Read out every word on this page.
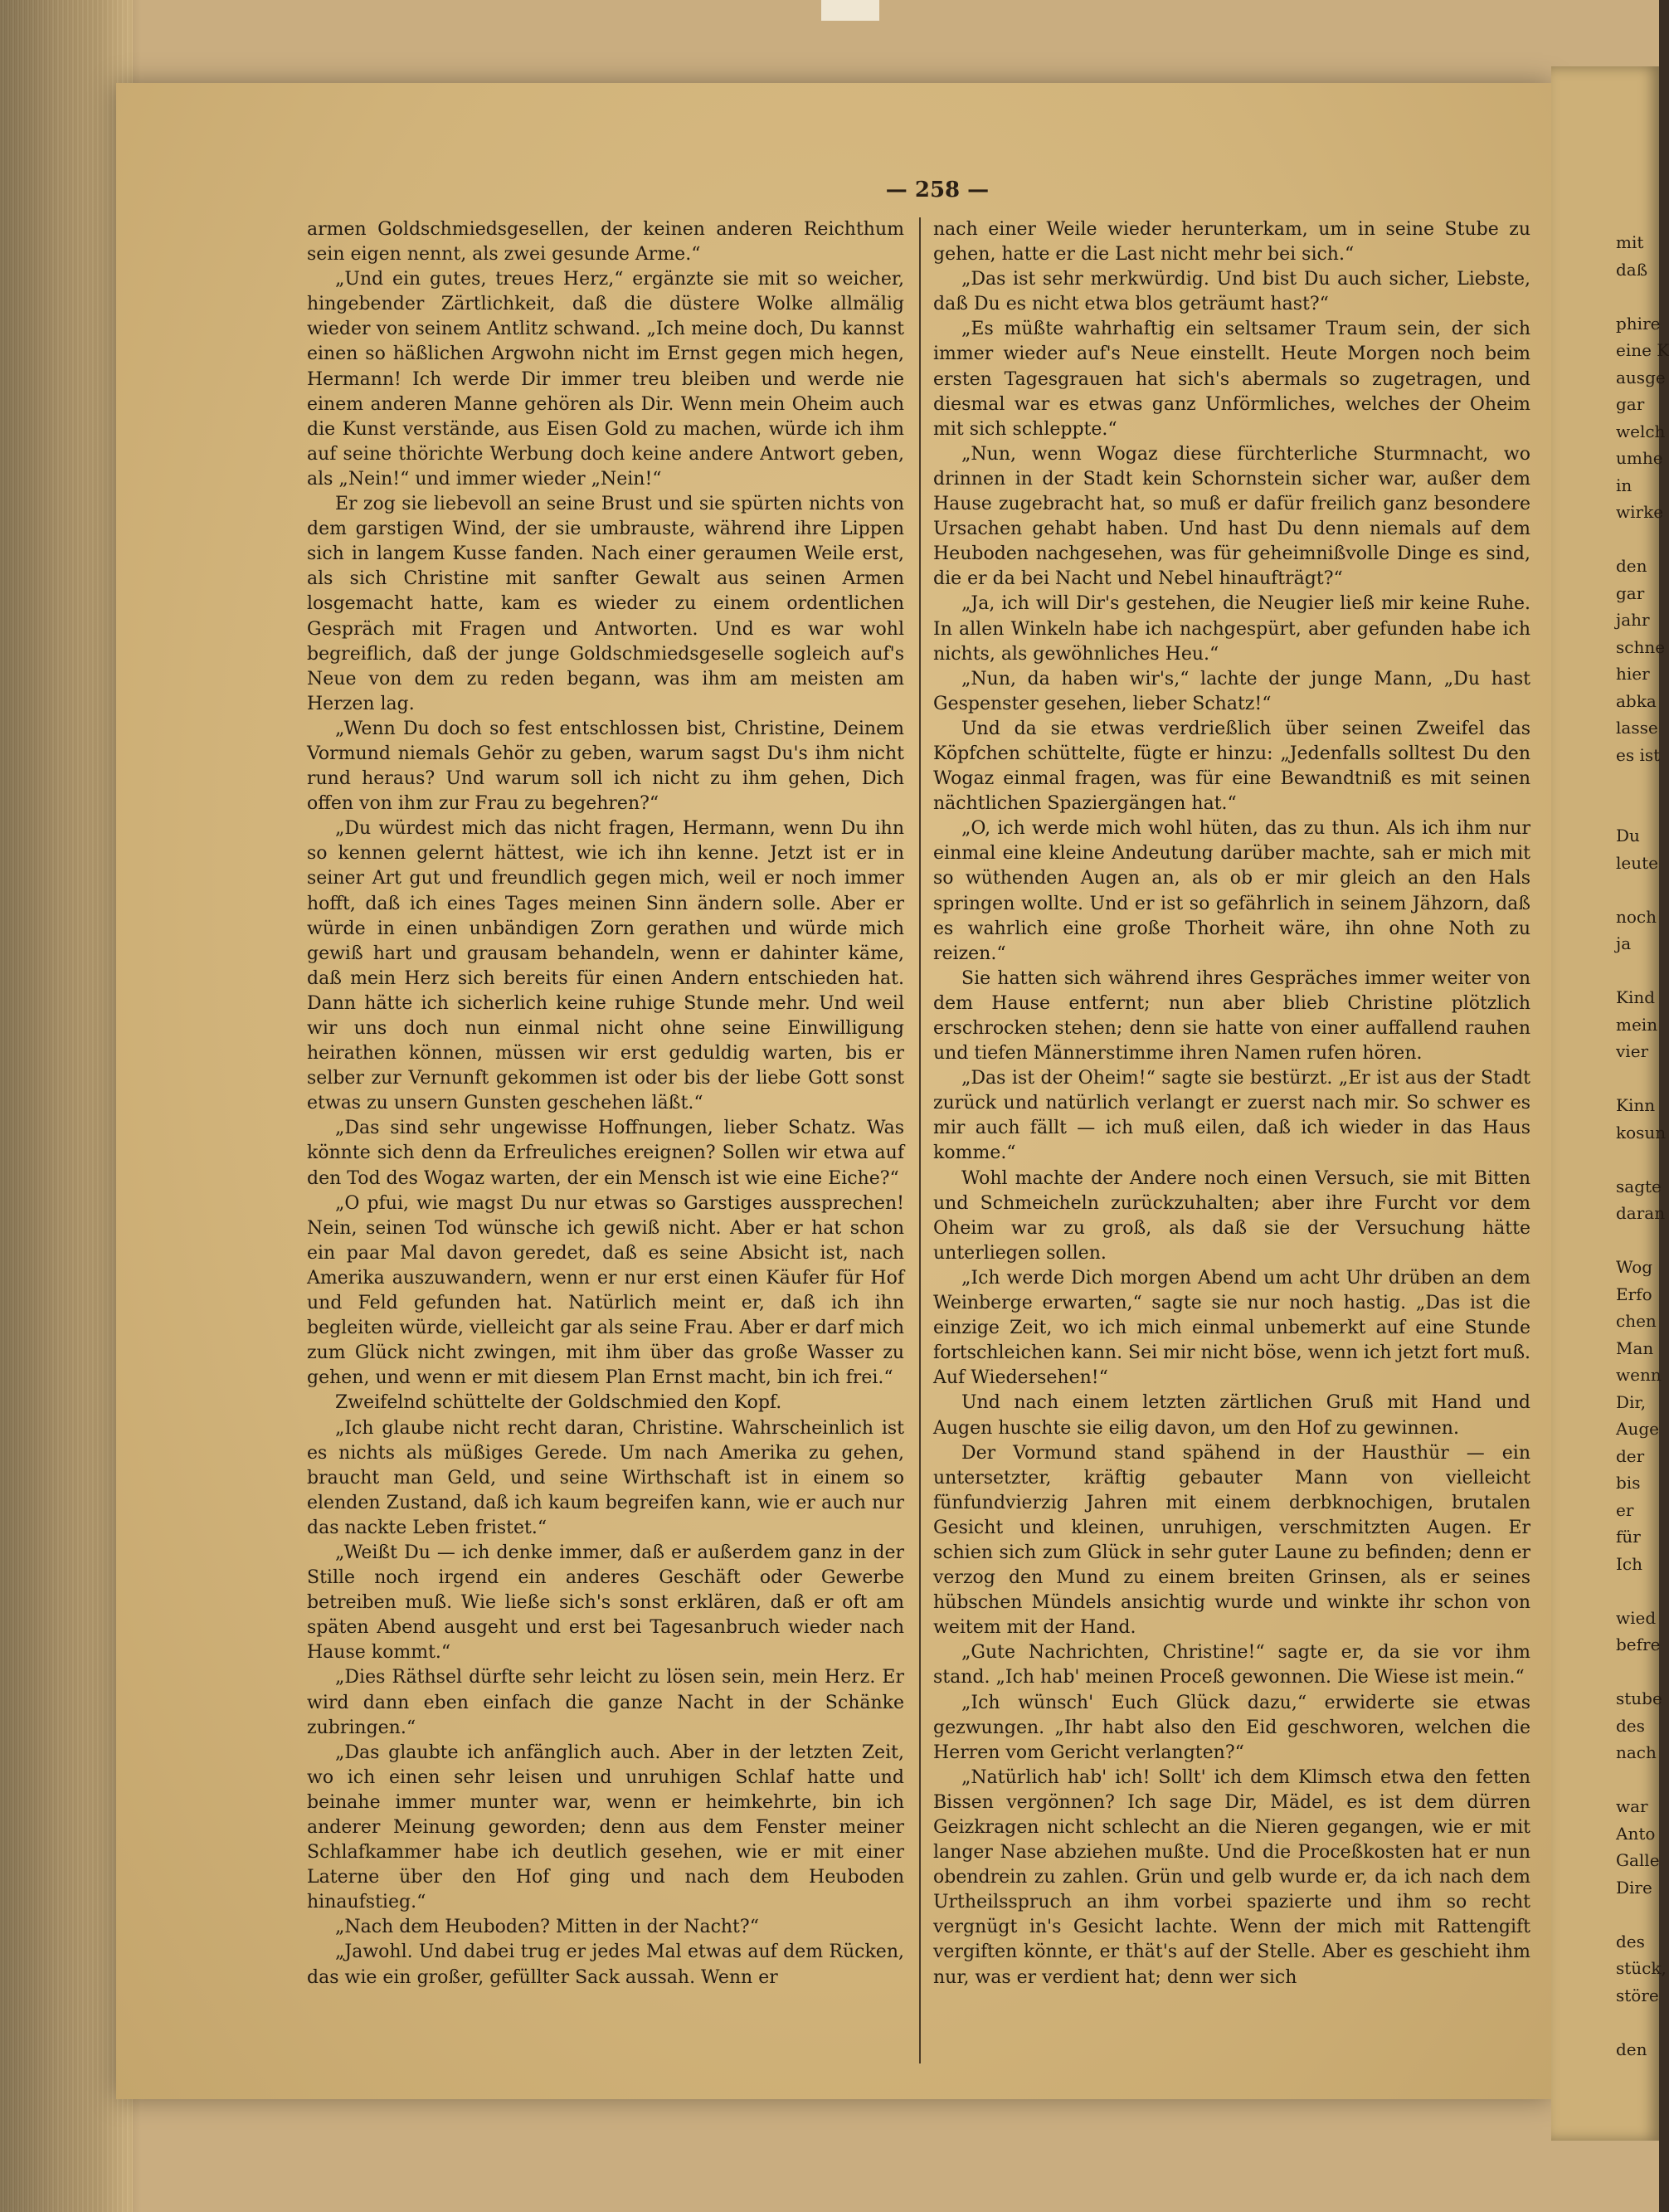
— 258 —

armen Goldschmiedsgesellen, der keinen anderen Reichthum sein eigen nennt, als zwei gesunde Arme.“

„Und ein gutes, treues Herz,“ ergänzte sie mit so weicher, hingebender Zärtlichkeit, daß die düstere Wolke allmälig wieder von seinem Antlitz schwand. „Ich meine doch, Du kannst einen so häßlichen Argwohn nicht im Ernst gegen mich hegen, Hermann! Ich werde Dir immer treu bleiben und werde nie einem anderen Manne gehören als Dir. Wenn mein Oheim auch die Kunst verstände, aus Eisen Gold zu machen, würde ich ihm auf seine thörichte Werbung doch keine andere Antwort geben, als „Nein!“ und immer wieder „Nein!“

Er zog sie liebevoll an seine Brust und sie spürten nichts von dem garstigen Wind, der sie umbrauste, während ihre Lippen sich in langem Kusse fanden. Nach einer geraumen Weile erst, als sich Christine mit sanfter Gewalt aus seinen Armen losgemacht hatte, kam es wieder zu einem ordentlichen Gespräch mit Fragen und Antworten. Und es war wohl begreiflich, daß der junge Goldschmiedsgeselle sogleich auf's Neue von dem zu reden begann, was ihm am meisten am Herzen lag.

„Wenn Du doch so fest entschlossen bist, Christine, Deinem Vormund niemals Gehör zu geben, warum sagst Du's ihm nicht rund heraus? Und warum soll ich nicht zu ihm gehen, Dich offen von ihm zur Frau zu begehren?“

„Du würdest mich das nicht fragen, Hermann, wenn Du ihn so kennen gelernt hättest, wie ich ihn kenne. Jetzt ist er in seiner Art gut und freundlich gegen mich, weil er noch immer hofft, daß ich eines Tages meinen Sinn ändern solle. Aber er würde in einen unbändigen Zorn gerathen und würde mich gewiß hart und grausam behandeln, wenn er dahinter käme, daß mein Herz sich bereits für einen Andern entschieden hat. Dann hätte ich sicherlich keine ruhige Stunde mehr. Und weil wir uns doch nun einmal nicht ohne seine Einwilligung heirathen können, müssen wir erst geduldig warten, bis er selber zur Vernunft gekommen ist oder bis der liebe Gott sonst etwas zu unsern Gunsten geschehen läßt.“

„Das sind sehr ungewisse Hoffnungen, lieber Schatz. Was könnte sich denn da Erfreuliches ereignen? Sollen wir etwa auf den Tod des Wogaz warten, der ein Mensch ist wie eine Eiche?“

„O pfui, wie magst Du nur etwas so Garstiges aussprechen! Nein, seinen Tod wünsche ich gewiß nicht. Aber er hat schon ein paar Mal davon geredet, daß es seine Absicht ist, nach Amerika auszuwandern, wenn er nur erst einen Käufer für Hof und Feld gefunden hat. Natürlich meint er, daß ich ihn begleiten würde, vielleicht gar als seine Frau. Aber er darf mich zum Glück nicht zwingen, mit ihm über das große Wasser zu gehen, und wenn er mit diesem Plan Ernst macht, bin ich frei.“

Zweifelnd schüttelte der Goldschmied den Kopf.

„Ich glaube nicht recht daran, Christine. Wahrscheinlich ist es nichts als müßiges Gerede. Um nach Amerika zu gehen, braucht man Geld, und seine Wirthschaft ist in einem so elenden Zustand, daß ich kaum begreifen kann, wie er auch nur das nackte Leben fristet.“

„Weißt Du — ich denke immer, daß er außerdem ganz in der Stille noch irgend ein anderes Geschäft oder Gewerbe betreiben muß. Wie ließe sich's sonst erklären, daß er oft am späten Abend ausgeht und erst bei Tagesanbruch wieder nach Hause kommt.“

„Dies Räthsel dürfte sehr leicht zu lösen sein, mein Herz. Er wird dann eben einfach die ganze Nacht in der Schänke zubringen.“

„Das glaubte ich anfänglich auch. Aber in der letzten Zeit, wo ich einen sehr leisen und unruhigen Schlaf hatte und beinahe immer munter war, wenn er heimkehrte, bin ich anderer Meinung geworden; denn aus dem Fenster meiner Schlafkammer habe ich deutlich gesehen, wie er mit einer Laterne über den Hof ging und nach dem Heuboden hinaufstieg.“

„Nach dem Heuboden? Mitten in der Nacht?“

„Jawohl. Und dabei trug er jedes Mal etwas auf dem Rücken, das wie ein großer, gefüllter Sack aussah. Wenn er

nach einer Weile wieder herunterkam, um in seine Stube zu gehen, hatte er die Last nicht mehr bei sich.“

„Das ist sehr merkwürdig. Und bist Du auch sicher, Liebste, daß Du es nicht etwa blos geträumt hast?“

„Es müßte wahrhaftig ein seltsamer Traum sein, der sich immer wieder auf's Neue einstellt. Heute Morgen noch beim ersten Tagesgrauen hat sich's abermals so zugetragen, und diesmal war es etwas ganz Unförmliches, welches der Oheim mit sich schleppte.“

„Nun, wenn Wogaz diese fürchterliche Sturmnacht, wo drinnen in der Stadt kein Schornstein sicher war, außer dem Hause zugebracht hat, so muß er dafür freilich ganz besondere Ursachen gehabt haben. Und hast Du denn niemals auf dem Heuboden nachgesehen, was für geheimnißvolle Dinge es sind, die er da bei Nacht und Nebel hinaufträgt?“

„Ja, ich will Dir's gestehen, die Neugier ließ mir keine Ruhe. In allen Winkeln habe ich nachgespürt, aber gefunden habe ich nichts, als gewöhnliches Heu.“

„Nun, da haben wir's,“ lachte der junge Mann, „Du hast Gespenster gesehen, lieber Schatz!“

Und da sie etwas verdrießlich über seinen Zweifel das Köpfchen schüttelte, fügte er hinzu: „Jedenfalls solltest Du den Wogaz einmal fragen, was für eine Bewandtniß es mit seinen nächtlichen Spaziergängen hat.“

„O, ich werde mich wohl hüten, das zu thun. Als ich ihm nur einmal eine kleine Andeutung darüber machte, sah er mich mit so wüthenden Augen an, als ob er mir gleich an den Hals springen wollte. Und er ist so gefährlich in seinem Jähzorn, daß es wahrlich eine große Thorheit wäre, ihn ohne Noth zu reizen.“

Sie hatten sich während ihres Gespräches immer weiter von dem Hause entfernt; nun aber blieb Christine plötzlich erschrocken stehen; denn sie hatte von einer auffallend rauhen und tiefen Männerstimme ihren Namen rufen hören.

„Das ist der Oheim!“ sagte sie bestürzt. „Er ist aus der Stadt zurück und natürlich verlangt er zuerst nach mir. So schwer es mir auch fällt — ich muß eilen, daß ich wieder in das Haus komme.“

Wohl machte der Andere noch einen Versuch, sie mit Bitten und Schmeicheln zurückzuhalten; aber ihre Furcht vor dem Oheim war zu groß, als daß sie der Versuchung hätte unterliegen sollen.

„Ich werde Dich morgen Abend um acht Uhr drüben an dem Weinberge erwarten,“ sagte sie nur noch hastig. „Das ist die einzige Zeit, wo ich mich einmal unbemerkt auf eine Stunde fortschleichen kann. Sei mir nicht böse, wenn ich jetzt fort muß. Auf Wiedersehen!“

Und nach einem letzten zärtlichen Gruß mit Hand und Augen huschte sie eilig davon, um den Hof zu gewinnen.

Der Vormund stand spähend in der Hausthür — ein untersetzter, kräftig gebauter Mann von vielleicht fünfundvierzig Jahren mit einem derbknochigen, brutalen Gesicht und kleinen, unruhigen, verschmitzten Augen. Er schien sich zum Glück in sehr guter Laune zu befinden; denn er verzog den Mund zu einem breiten Grinsen, als er seines hübschen Mündels ansichtig wurde und winkte ihr schon von weitem mit der Hand.

„Gute Nachrichten, Christine!“ sagte er, da sie vor ihm stand. „Ich hab' meinen Proceß gewonnen. Die Wiese ist mein.“

„Ich wünsch' Euch Glück dazu,“ erwiderte sie etwas gezwungen. „Ihr habt also den Eid geschworen, welchen die Herren vom Gericht verlangten?“

„Natürlich hab' ich! Sollt' ich dem Klimsch etwa den fetten Bissen vergönnen? Ich sage Dir, Mädel, es ist dem dürren Geizkragen nicht schlecht an die Nieren gegangen, wie er mit langer Nase abziehen mußte. Und die Proceßkosten hat er nun obendrein zu zahlen. Grün und gelb wurde er, da ich nach dem Urtheilsspruch an ihm vorbei spazierte und ihm so recht vergnügt in's Gesicht lachte. Wenn der mich mit Rattengift vergiften könnte, er thät's auf der Stelle. Aber es geschieht ihm nur, was er verdient hat; denn wer sich

mit
daß
phire
eine K
ausge
gar
welch
umhe
in
wirke
den
gar
jahr
schne
hier
abka
lasse
es ist
Du
leute
noch
ja
Kind
mein
vier
Kinn
kosun
sagte
daran
Wog
Erfo
chen
Man
wenn
Dir,
Auge
der
bis
er
für
Ich
wied
befre
stube
des
nach
war
Anto
Galle
Dire
des
stück,
störe
den
